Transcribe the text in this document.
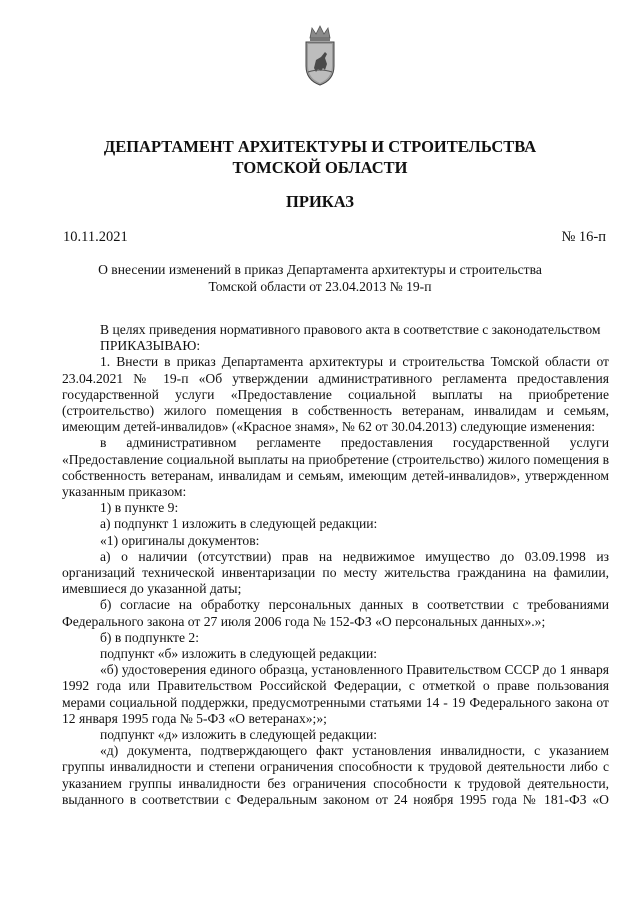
ДЕПАРТАМЕНТ АРХИТЕКТУРЫ И СТРОИТЕЛЬСТВА

ТОМСКОЙ ОБЛАСТИ

ПРИКАЗ

10.11.2021	№ 16-п
О внесении изменений в приказ Департамента архитектуры и строительства
Томской области от 23.04.2013 № 19-п

В целях приведения нормативного правового акта в соответствие с законодательством

ПРИКАЗЫВАЮ:

1. Внести в приказ Департамента архитектуры и строительства Томской области от 23.04.2021 № 19-п «Об утверждении административного регламента предоставления государственной услуги «Предоставление социальной выплаты на приобретение (строительство) жилого помещения в собственность ветеранам, инвалидам и семьям, имеющим детей-инвалидов» («Красное знамя», № 62 от 30.04.2013) следующие изменения:

в административном регламенте предоставления государственной услуги «Предоставление социальной выплаты на приобретение (строительство) жилого помещения в собственность ветеранам, инвалидам и семьям, имеющим детей-инвалидов», утвержденном указанным приказом:

1) в пункте 9:

а) подпункт 1 изложить в следующей редакции:

«1) оригиналы документов:

а) о наличии (отсутствии) прав на недвижимое имущество до 03.09.1998 из организаций технической инвентаризации по месту жительства гражданина на фамилии, имевшиеся до указанной даты;

б) согласие на обработку персональных данных в соответствии с требованиями Федерального закона от 27 июля 2006 года № 152-ФЗ «О персональных данных».»;

б) в подпункте 2:

подпункт «б» изложить в следующей редакции:

«б) удостоверения единого образца, установленного Правительством СССР до 1 января 1992 года или Правительством Российской Федерации, с отметкой о праве пользования мерами социальной поддержки, предусмотренными статьями 14 - 19 Федерального закона от 12 января 1995 года № 5-ФЗ «О ветеранах»;»;

подпункт «д» изложить в следующей редакции:

«д) документа, подтверждающего факт установления инвалидности, с указанием группы инвалидности и степени ограничения способности к трудовой деятельности либо с указанием группы инвалидности без ограничения способности к трудовой деятельности, выданного в соответствии с Федеральным законом от 24 ноября 1995 года № 181-ФЗ «О
